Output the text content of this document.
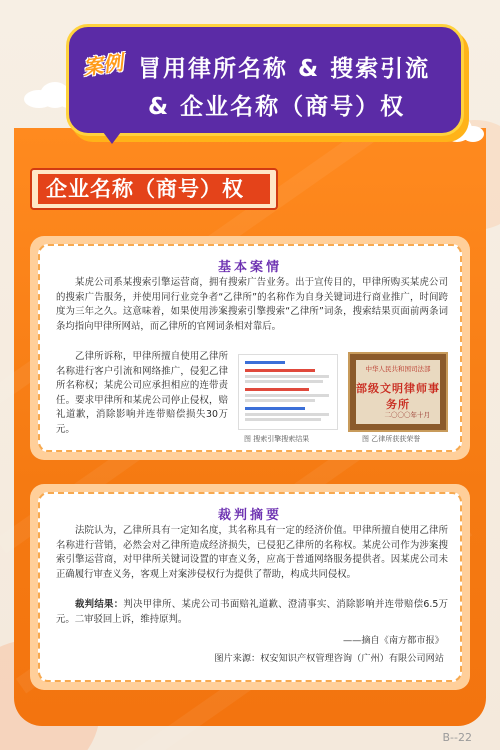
案例 冒用律所名称 & 搜索引流
& 企业名称（商号）权
企业名称（商号）权
基本案情
某虎公司系某搜索引擎运营商，拥有搜索广告业务。出于宣传目的，甲律所购买某虎公司的搜索广告服务，并使用同行业竞争者“乙律所”的名称作为自身关键词进行商业推广，时间跨度为三年之久。这意味着，如果使用涉案搜索引擎搜索“乙律所”词条，搜索结果页面前两条词条均指向甲律所网站，而乙律所的官网词条相对靠后。
乙律所诉称，甲律所擅自使用乙律所名称进行客户引流和网络推广，侵犯乙律所名称权；某虎公司应承担相应的连带责任。要求甲律所和某虎公司停止侵权，赔礼道歉，消除影响并连带赔偿损失30万元。
图 搜索引擎搜索结果
中华人民共和国司法部
部级文明律师事务所
二〇〇〇年十月
图 乙律所获获荣誉
裁判摘要
法院认为，乙律所具有一定知名度，其名称具有一定的经济价值。甲律所擅自使用乙律所名称进行营销，必然会对乙律所造成经济损失，已侵犯乙律所的名称权。某虎公司作为涉案搜索引擎运营商，对甲律所关键词设置的审查义务，应高于普通网络服务提供者。因某虎公司未正确履行审查义务，客观上对案涉侵权行为提供了帮助，构成共同侵权。
裁判结果：判决甲律所、某虎公司书面赔礼道歉、澄清事实、消除影响并连带赔偿6.5万元。二审驳回上诉，维持原判。
——摘自《南方都市报》
图片来源：权安知识产权管理咨询（广州）有限公司网站
B--22
